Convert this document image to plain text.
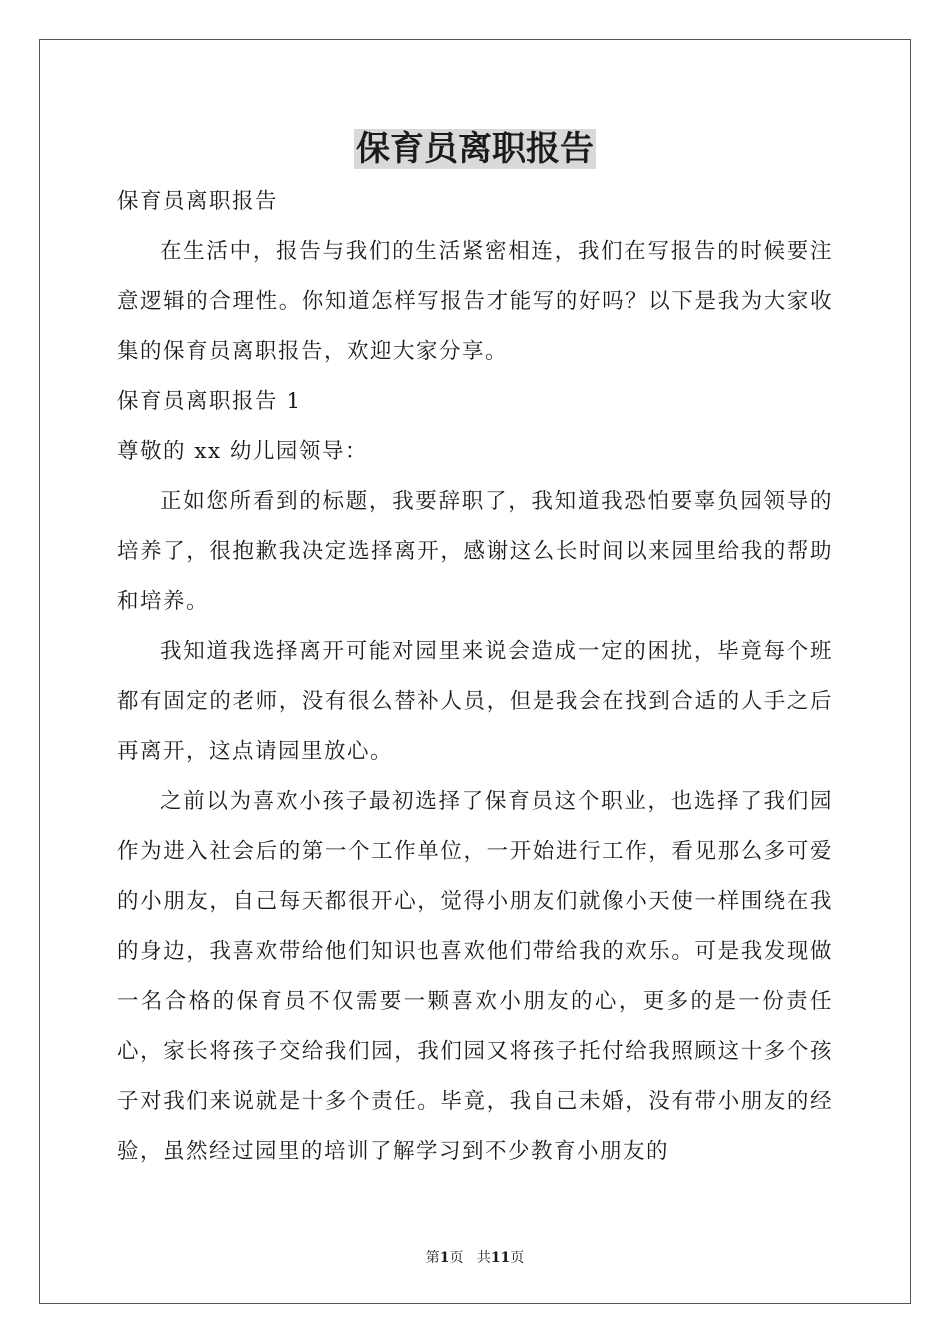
保育员离职报告

保育员离职报告

在生活中，报告与我们的生活紧密相连，我们在写报告的时候要注意逻辑的合理性。你知道怎样写报告才能写的好吗？以下是我为大家收集的保育员离职报告，欢迎大家分享。

保育员离职报告 1

尊敬的 xx 幼儿园领导：

正如您所看到的标题，我要辞职了，我知道我恐怕要辜负园领导的培养了，很抱歉我决定选择离开，感谢这么长时间以来园里给我的帮助和培养。

我知道我选择离开可能对园里来说会造成一定的困扰，毕竟每个班都有固定的老师，没有很么替补人员，但是我会在找到合适的人手之后再离开，这点请园里放心。

之前以为喜欢小孩子最初选择了保育员这个职业，也选择了我们园作为进入社会后的第一个工作单位，一开始进行工作，看见那么多可爱的小朋友，自己每天都很开心，觉得小朋友们就像小天使一样围绕在我的身边，我喜欢带给他们知识也喜欢他们带给我的欢乐。可是我发现做一名合格的保育员不仅需要一颗喜欢小朋友的心，更多的是一份责任心，家长将孩子交给我们园，我们园又将孩子托付给我照顾这十多个孩子对我们来说就是十多个责任。毕竟，我自己未婚，没有带小朋友的经验，虽然经过园里的培训了解学习到不少教育小朋友的

第1页 共11页
